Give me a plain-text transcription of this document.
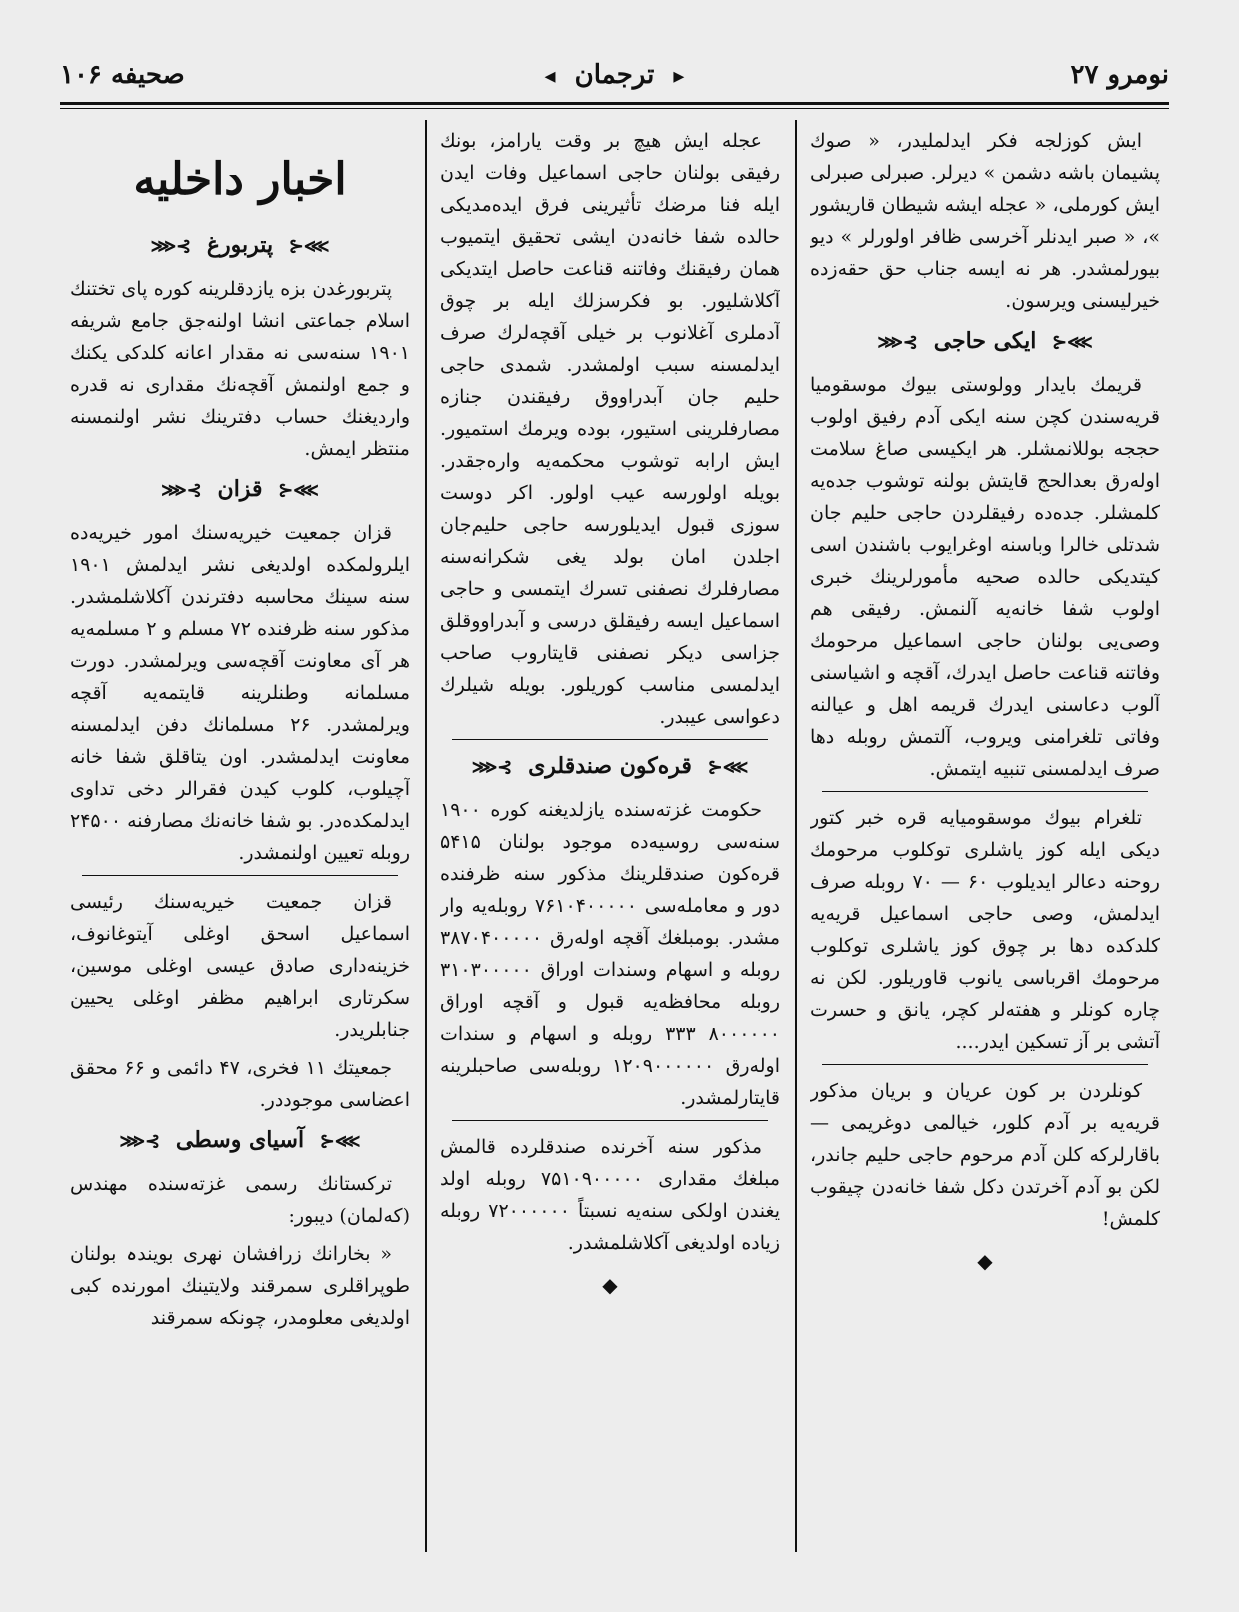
نومرو ۲۷
▸ ترجمان ◂
صحیفه ۱۰۶

ایش کوزلجه فکر ایدلملیدر، « صوك پشیمان باشه دشمن » دیرلر. صبرلی صبرلی ایش کورملی، « عجله ایشه شیطان قاریشور »، « صبر ایدنلر آخرسی ظافر اولورلر » دیو بیورلمشدر. هر نه ایسه جناب حق حقه‌زده خیرلیسنی ویرسون.

⋙⊰ ایکی حاجی ⊱⋘

قریمك بایدار وولوستی بیوك موسقومیا قریه‌سندن کچن سنه ایکی آدم رفیق اولوب حججه بوللانمشلر. هر ایکیسی صاغ سلامت اوله‌رق بعدالحج قایتش بولنه توشوب جده‌یه کلمشلر. جده‌ده رفیقلردن حاجی حلیم جان شدتلی خالرا وباسنه اوغرایوب باشندن اسی کیتدیکی حالده صحیه مأمورلرینك خبری اولوب شفا خانه‌یه آلنمش. رفیقی هم وصی‌یی بولنان حاجی اسماعیل مرحومك وفاتنه قناعت حاصل ایدرك، آقچه و اشیاسنی آلوب دعاسنی ایدرك قریمه اهل و عیالنه وفاتی تلغرامنی ویروب، آلتمش روبله دها صرف ایدلمسنی تنبیه ایتمش.

تلغرام بیوك موسقومیایه قره خبر کتور دیکی ایله کوز یاشلری توکلوب مرحومك روحنه دعالر ایدیلوب ۶۰ — ۷۰ روبله صرف ایدلمش، وصی حاجی اسماعیل قریه‌یه کلدکده دها بر چوق کوز یاشلری توکلوب مرحومك اقرباسی یانوب قاوریلور. لکن نه چاره کونلر و هفته‌لر کچر، یانق و حسرت آتشی بر آز تسکین ایدر....

کونلردن بر کون عریان و بریان مذکور قریه‌یه بر آدم کلور، خیالمی دوغریمی — باقارلرکه کلن آدم مرحوم حاجی حلیم جاندر، لکن بو آدم آخرتدن دکل شفا خانه‌دن چیقوب کلمش!

◆

عجله ایش هیچ بر وقت یارامز، بونك رفیقی بولنان حاجی اسماعیل وفات ایدن ایله فنا مرضك تأثیرینی فرق ایده‌مدیکی حالده شفا خانه‌دن ایشی تحقیق ایتمیوب همان رفیقنك وفاتنه قناعت حاصل ایتدیکی آکلاشلیور. بو فکرسزلك ایله بر چوق آدملری آغلانوب بر خیلی آقچه‌لرك صرف ایدلمسنه سبب اولمشدر. شمدی حاجی حلیم جان آبدراووق رفیقندن جنازه مصارفلرینی استیور، بوده ویرمك استمیور. ایش ارابه توشوب محکمه‌یه واره‌جقدر. بویله اولورسه عیب اولور. اکر دوست سوزی قبول ایدیلورسه حاجی حلیم‌جان اجلدن امان بولد یغی شکرانه‌سنه مصارفلرك نصفنی تسرك ایتمسی و حاجی اسماعیل ایسه رفیقلق درسی و آبدراووقلق جزاسی دیکر نصفنی قایتاروب صاحب ایدلمسی مناسب کوریلور. بویله شیلرك دعواسی عیبدر.

⋙⊰ قره‌کون صندقلری ⊱⋘

حکومت غزته‌سنده یازلدیغنه کوره ۱۹۰۰ سنه‌سی روسیه‌ده موجود بولنان ۵۴۱۵ قره‌کون صندقلرینك مذکور سنه ظرفنده دور و معامله‌سی ۷۶۱۰۴۰۰۰۰۰ روبله‌یه وار مشدر. بومبلغك آقچه اوله‌رق ۳۸۷۰۴۰۰۰۰۰ روبله و اسهام وسندات اوراق ۳۱۰۳۰۰۰۰۰ روبله محافظه‌یه قبول و آقچه اوراق ۸۰۰۰۰۰۰ ۳۳۳ روبله و اسهام و سندات اوله‌رق ۱۲۰۹۰۰۰۰۰۰ روبله‌سی صاحبلرینه قایتارلمشدر.

مذکور سنه آخرنده صندقلرده قالمش مبلغك مقداری ۷۵۱۰۹۰۰۰۰۰ روبله اولد یغندن اولکی سنه‌یه نسبتاً ۷۲۰۰۰۰۰۰ روبله زیاده اولدیغی آکلاشلمشدر.

◆
اخبار داخلیه
⋙⊰ پتربورغ ⊱⋘

پتربورغدن بزه یازدقلرینه کوره پای تختنك اسلام جماعتی انشا اولنه‌جق جامع شریفه ۱۹۰۱ سنه‌سی نه مقدار اعانه کلدکی یکنك و جمع اولنمش آقچه‌نك مقداری نه قدره وارديغنك حساب دفترینك نشر اولنمسنه منتظر ایمش.

⋙⊰ قزان ⊱⋘

قزان جمعیت خیریه‌سنك امور خیریه‌ده ایلرولمکده اولدیغی نشر ایدلمش ۱۹۰۱ سنه سینك محاسبه دفترندن آکلاشلمشدر. مذکور سنه ظرفنده ۷۲ مسلم و ۲ مسلمه‌یه هر آی معاونت آقچه‌سی ویرلمشدر. دورت مسلمانه وطنلرینه قایتمه‌یه آقچه ویرلمشدر. ۲۶ مسلمانك دفن ایدلمسنه معاونت ایدلمشدر. اون یتاقلق شفا خانه آچیلوب، کلوب کیدن فقرالر دخی تداوی ایدلمکده‌در. بو شفا خانه‌نك مصارفنه ۲۴۵۰۰ روبله تعیین اولنمشدر.

قزان جمعیت خیریه‌سنك رئیسی اسماعیل اسحق اوغلی آیتوغانوف، خزینه‌داری صادق عیسی اوغلی موسین، سکرتاری ابراهیم مظفر اوغلی یحیین جنابلریدر.

جمعیتك ۱۱ فخری، ۴۷ دائمی و ۶۶ محقق اعضاسی موجوددر.

⋙⊰ آسیای وسطی ⊱⋘

ترکستانك رسمی غزته‌سنده مهندس (که‌لمان) دیبور:

« بخارانك زرافشان نهری بویندہ بولنان طوپراقلری سمرقند ولایتینك امورنده کبی اولدیغی معلومدر، چونکه سمرقند
